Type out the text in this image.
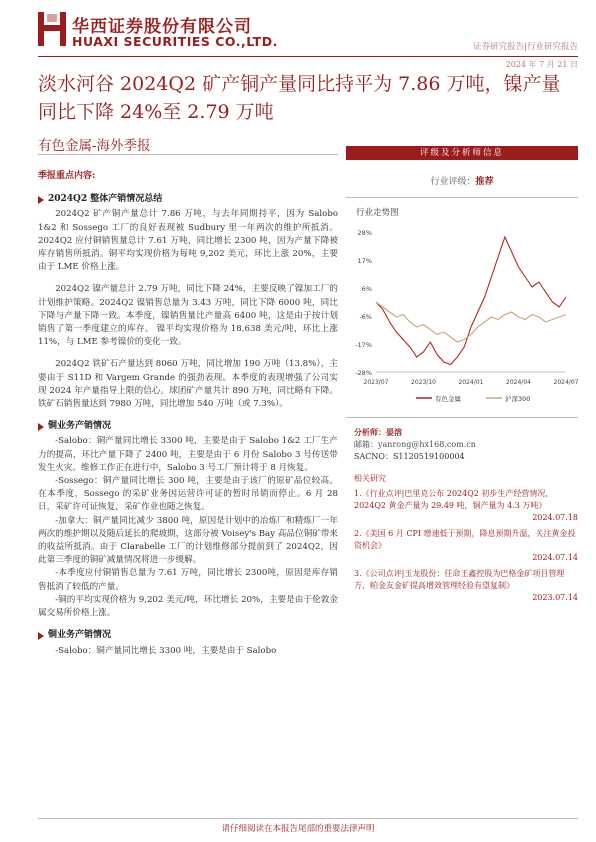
华西证券股份有限公司
HUAXI SECURITIES CO.,LTD.	证券研究报告|行业研究报告
2024 年 7 月 21 日
淡水河谷 2024Q2 矿产铜产量同比持平为 7.86 万吨，镍产量同比下降 24%至 2.79 万吨
有色金属-海外季报
季报重点内容:
2024Q2 整体产销情况总结

2024Q2 矿产铜产量总计 7.86 万吨，与去年同期持平，因为 Salobo 1&2 和 Sossego 工厂的良好表现被 Sudbury 里一年两次的维护所抵消。2024Q2 应付铜销售量总计 7.61 万吨，同比增长 2300 吨，因为产量下降被库存销售所抵消。铜平均实现价格为每吨 9,202 美元，环比上涨 20%，主要由于 LME 价格上涨。

2024Q2 镍产量总计 2.79 万吨，同比下降 24%，主要反映了镍加工厂的计划维护策略。2024Q2 镍销售总量为 3.43 万吨，同比下降 6000 吨，同比下降与产量下降一致。本季度，镍销售量比产量高 6400 吨，这是由于按计划销售了第一季度建立的库存。 镍平均实现价格为 18,638 美元/吨，环比上涨 11%，与 LME 参考镍价的变化一致。

2024Q2 铁矿石产量达到 8060 万吨，同比增加 190 万吨（13.8%），主要由于 S11D 和 Vargem Grande 的强劲表现。本季度的表现增强了公司实现 2024 年产量指导上限的信心。球团矿产量共计 890 万吨，同比略有下降。铁矿石销售量达到 7980 万吨，同比增加 540 万吨（或 7.3%）。

铜业务产销情况

-Salobo：铜产量同比增长 3300 吨，主要是由于 Salobo 1&2 工厂生产力的提高，环比产量下降了 2400 吨，主要是由于 6 月份 Salobo 3 号传送带发生火灾。维修工作正在进行中，Salobo 3 号工厂预计将于 8 月恢复。

-Sossego：铜产量同比增长 300 吨，主要是由于该厂的原矿品位较高。在本季度，Sossego 的采矿业务因运营许可证的暂时吊销而停止。6 月 28 日，采矿许可证恢复，采矿作业也随之恢复。

-加拿大：铜产量同比减少 3800 吨，原因是计划中的冶炼厂和精炼厂一年两次的维护期以及随后延长的爬坡期，这部分被 Voisey's Bay 高品位铜矿带来的收益所抵消。由于 Clarabelle 工厂的计划维修部分提前到了 2024Q2，因此第三季度的铜矿减量情况将进一步缓解。

-本季度应付铜销售总量为 7.61 万吨，同比增长 2300吨，原因是库存销售抵消了较低的产量。

-铜的平均实现价格为 9,202 美元/吨，环比增长 20%，主要是由于伦敦金属交易所价格上涨。

铜业务产销情况

-Salobo：铜产量同比增长 3300 吨，主要是由于 Salobo

评级及分析师信息
行业评级：推荐
行业走势图
28%
17%
6%
-6%
-17%
-28%
2023/07	2023/10	2024/01	2024/04	2024/07
有色金属	沪深300
分析师：晏溶
邮箱：yanrong@hx168.com.cn
SACNO：S1120519100004
相关研究
1.《行业点评|巴里克公布 2024Q2 初步生产经营情况，2024Q2 黄金产量为 29.49 吨，铜产量为 4.3 万吨》
2024.07.18
2.《美国 6 月 CPI 增速低于预期，降息预期升温，关注黄金投资机会》
2024.07.14
3.《公司点评|玉龙股份：任命王鑫控股为巴格金矿项目管理方，帕金友金矿提高增效管理经验有望复制》
2023.07.14
请仔细阅读在本报告尾部的重要法律声明
